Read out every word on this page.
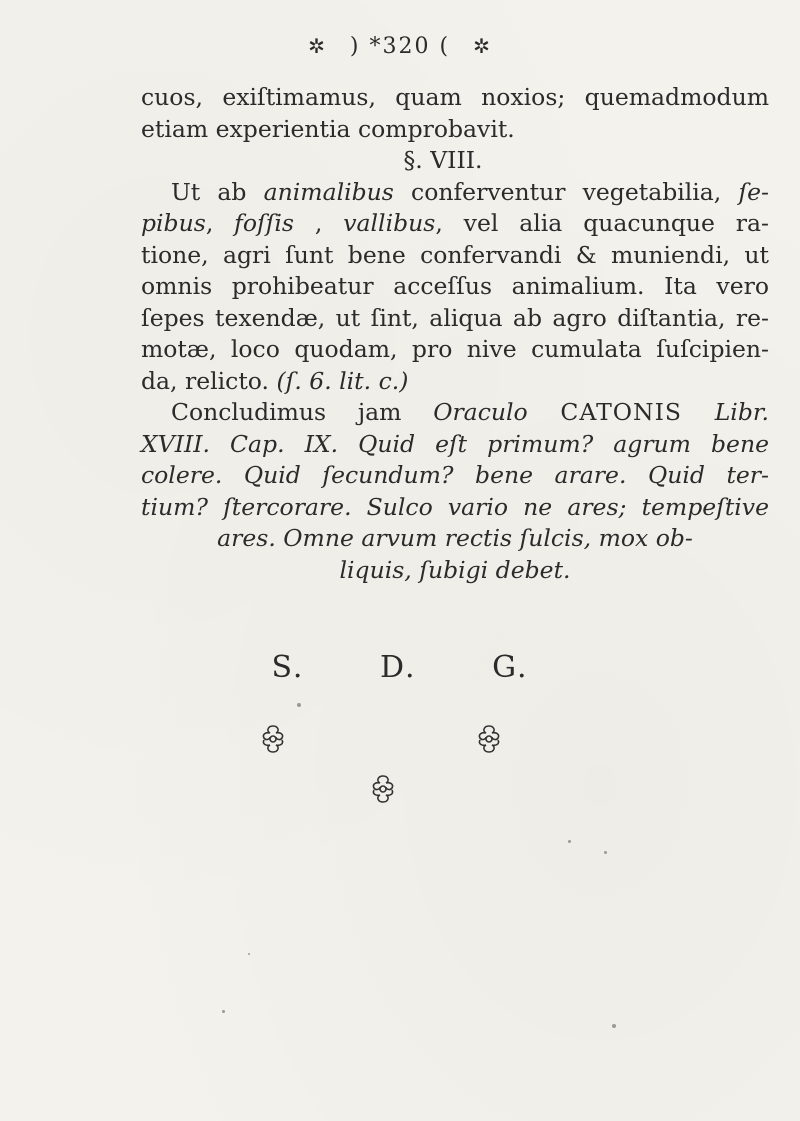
✲ ) *320 ( ✲
cuos, exiſtimamus, quam noxios; quemadmodum
etiam experientia comprobavit.
§. VIII.
Ut ab animalibus conferventur vegetabilia, ſe-
pibus, foſſis , vallibus, vel alia quacunque ra-
tione, agri ſunt bene confervandi & muniendi, ut
omnis prohibeatur acceſſus animalium. Ita vero
ſepes texendæ, ut ſint, aliqua ab agro diſtantia, re-
motæ, loco quodam, pro nive cumulata ſuſcipien-
da, relicto. (ſ. 6. lit. c.)
Concludimus jam Oraculo CATONIS Libr.
XVIII. Cap. IX. Quid eſt primum? agrum bene
colere. Quid ſecundum? bene arare. Quid ter-
tium? ſtercorare. Sulco vario ne ares; tempeſtive
ares. Omne arvum rectis ſulcis, mox ob-
liquis, ſubigi debet.
S.	D.	G.
